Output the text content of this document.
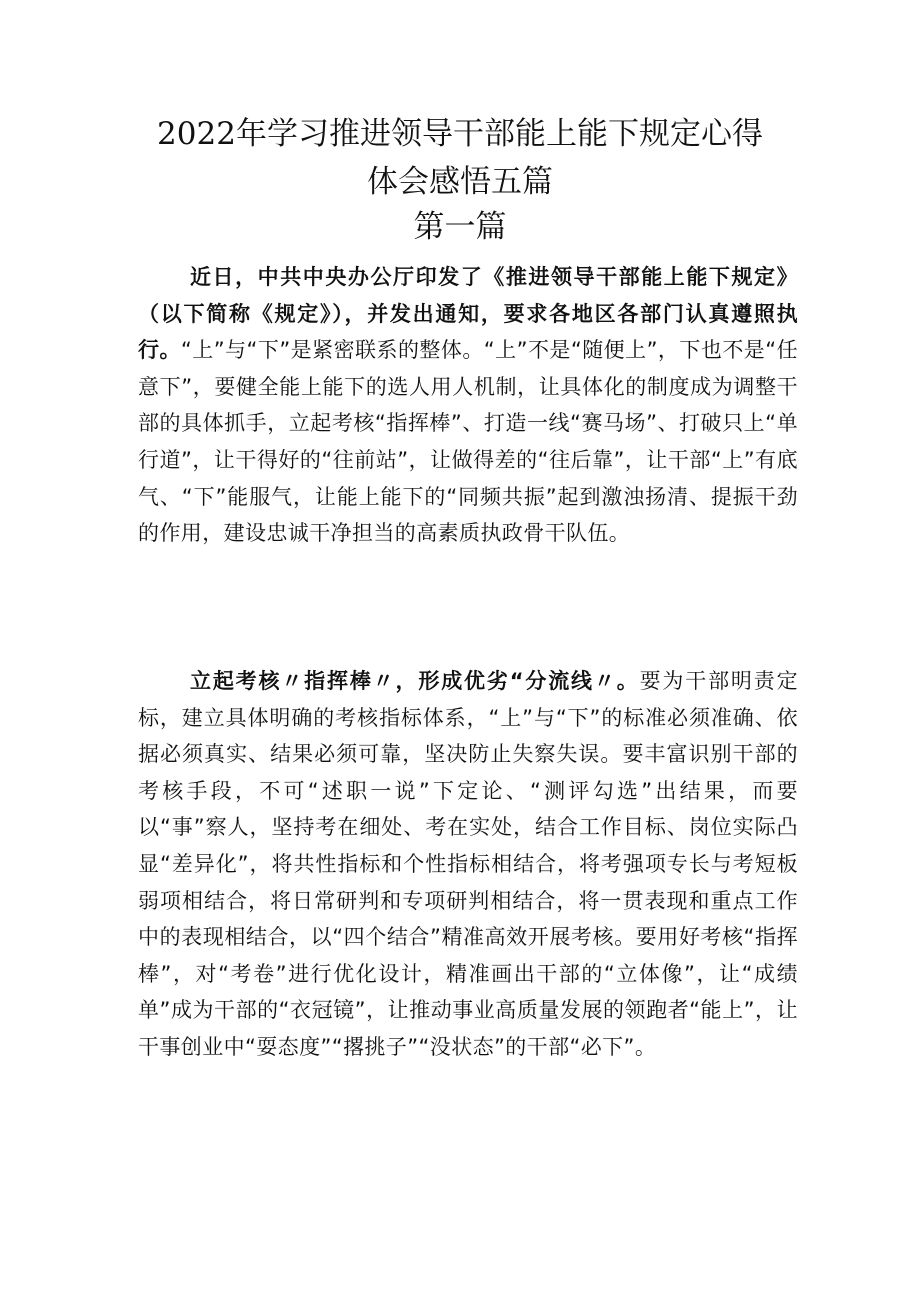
2022年学习推进领导干部能上能下规定心得
体会感悟五篇
第一篇

近日，中共中央办公厅印发了《推进领导干部能上能下规定》（以下简称《规定》），并发出通知，要求各地区各部门认真遵照执行。“上”与“下”是紧密联系的整体。“上”不是“随便上”，下也不是“任意下”，要健全能上能下的选人用人机制，让具体化的制度成为调整干部的具体抓手，立起考核“指挥棒”、打造一线“赛马场”、打破只上“单行道”，让干得好的“往前站”，让做得差的“往后靠”，让干部“上”有底气、“下”能服气，让能上能下的“同频共振”起到激浊扬清、提振干劲的作用，建设忠诚干净担当的高素质执政骨干队伍。

立起考核〃指挥棒〃，形成优劣“分流线〃。要为干部明责定标，建立具体明确的考核指标体系，“上”与“下”的标准必须准确、依据必须真实、结果必须可靠，坚决防止失察失误。要丰富识别干部的考核手段，不可“述职一说”下定论、“测评勾选”出结果，而要以“事”察人，坚持考在细处、考在实处，结合工作目标、岗位实际凸显“差异化”，将共性指标和个性指标相结合，将考强项专长与考短板弱项相结合，将日常研判和专项研判相结合，将一贯表现和重点工作中的表现相结合，以“四个结合”精准高效开展考核。要用好考核“指挥棒”，对“考卷”进行优化设计，精准画出干部的“立体像”，让“成绩单”成为干部的“衣冠镜”，让推动事业高质量发展的领跑者“能上”，让干事创业中“耍态度”“撂挑子”“没状态”的干部“必下”。
